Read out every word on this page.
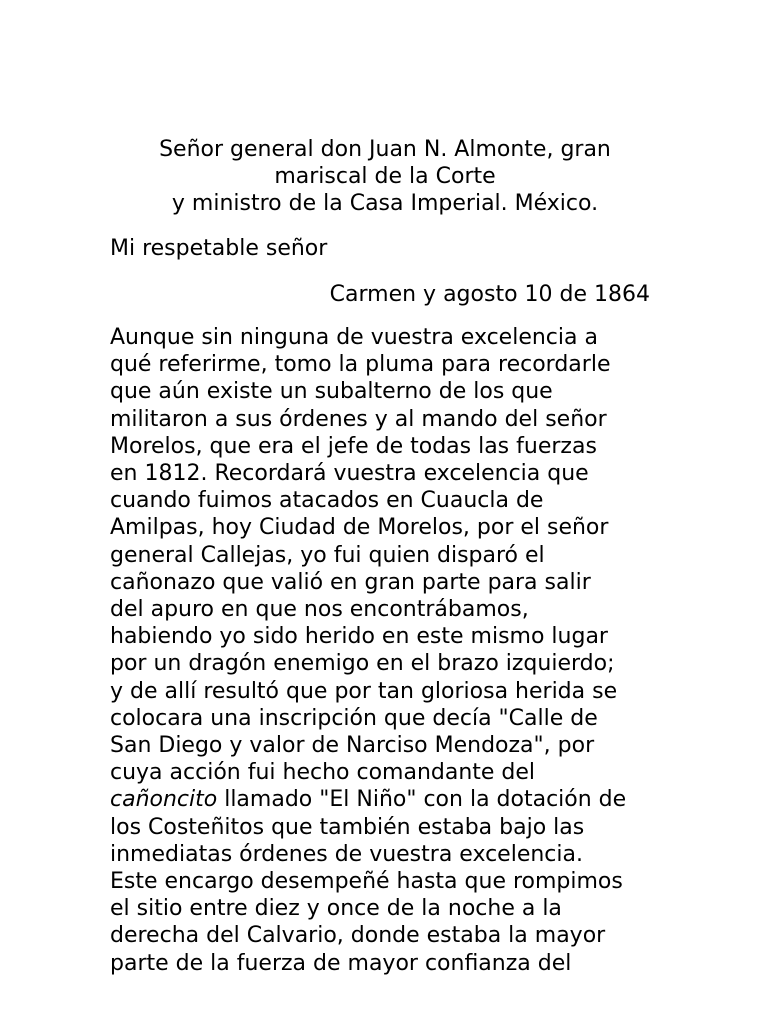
Señor general don Juan N. Almonte, gran
mariscal de la Corte
y ministro de la Casa Imperial. México.
Mi respetable señor
Carmen y agosto 10 de 1864
Aunque sin ninguna de vuestra excelencia a
qué referirme, tomo la pluma para recordarle
que aún existe un subalterno de los que
militaron a sus órdenes y al mando del señor
Morelos, que era el jefe de todas las fuerzas
en 1812. Recordará vuestra excelencia que
cuando fuimos atacados en Cuaucla de
Amilpas, hoy Ciudad de Morelos, por el señor
general Callejas, yo fui quien disparó el
cañonazo que valió en gran parte para salir
del apuro en que nos encontrábamos,
habiendo yo sido herido en este mismo lugar
por un dragón enemigo en el brazo izquierdo;
y de allí resultó que por tan gloriosa herida se
colocara una inscripción que decía "Calle de
San Diego y valor de Narciso Mendoza", por
cuya acción fui hecho comandante del
cañoncito llamado "El Niño" con la dotación de
los Costeñitos que también estaba bajo las
inmediatas órdenes de vuestra excelencia.
Este encargo desempeñé hasta que rompimos
el sitio entre diez y once de la noche a la
derecha del Calvario, donde estaba la mayor
parte de la fuerza de mayor confianza del
